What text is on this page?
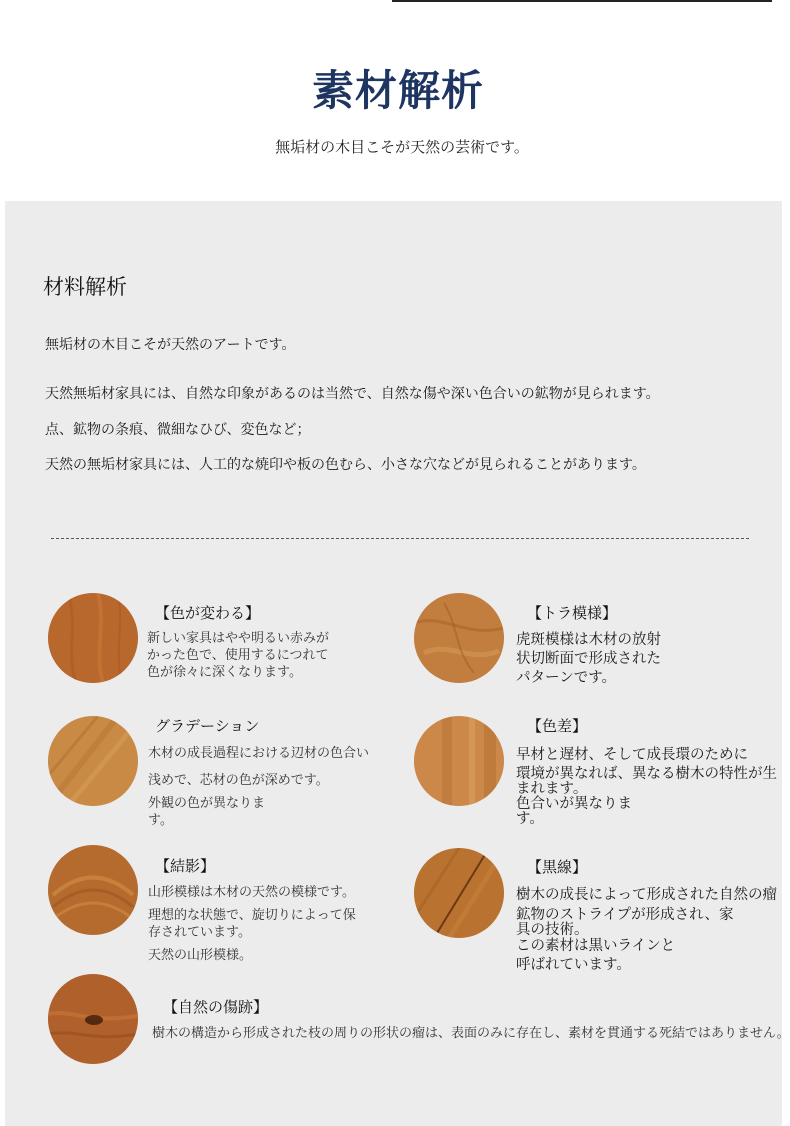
素材解析
無垢材の木目こそが天然の芸術です。
材料解析
無垢材の木目こそが天然のアートです。
天然無垢材家具には、自然な印象があるのは当然で、自然な傷や深い色合いの鉱物が見られます。
点、鉱物の条痕、微細なひび、変色など；
天然の無垢材家具には、人工的な焼印や板の色むら、小さな穴などが見られることがあります。
【色が変わる】
新しい家具はやや明るい赤みが
かった色で、使用するにつれて
色が徐々に深くなります。
【トラ模様】
虎斑模様は木材の放射
状切断面で形成された
パターンです。
グラデーション
木材の成長過程における辺材の色合い
浅めで、芯材の色が深めです。
外観の色が異なりま
す。
【色差】
早材と遅材、そして成長環のために
環境が異なれば、異なる樹木の特性が生
まれます。
色合いが異なりま
す。
【結影】
山形模様は木材の天然の模様です。
理想的な状態で、旋切りによって保
存されています。
天然の山形模様。
【黒線】
樹木の成長によって形成された自然の瘤
鉱物のストライプが形成され、家
具の技術。
この素材は黒いラインと
呼ばれています。
【自然の傷跡】
樹木の構造から形成された枝の周りの形状の瘤は、表面のみに存在し、素材を貫通する死結ではありません。
